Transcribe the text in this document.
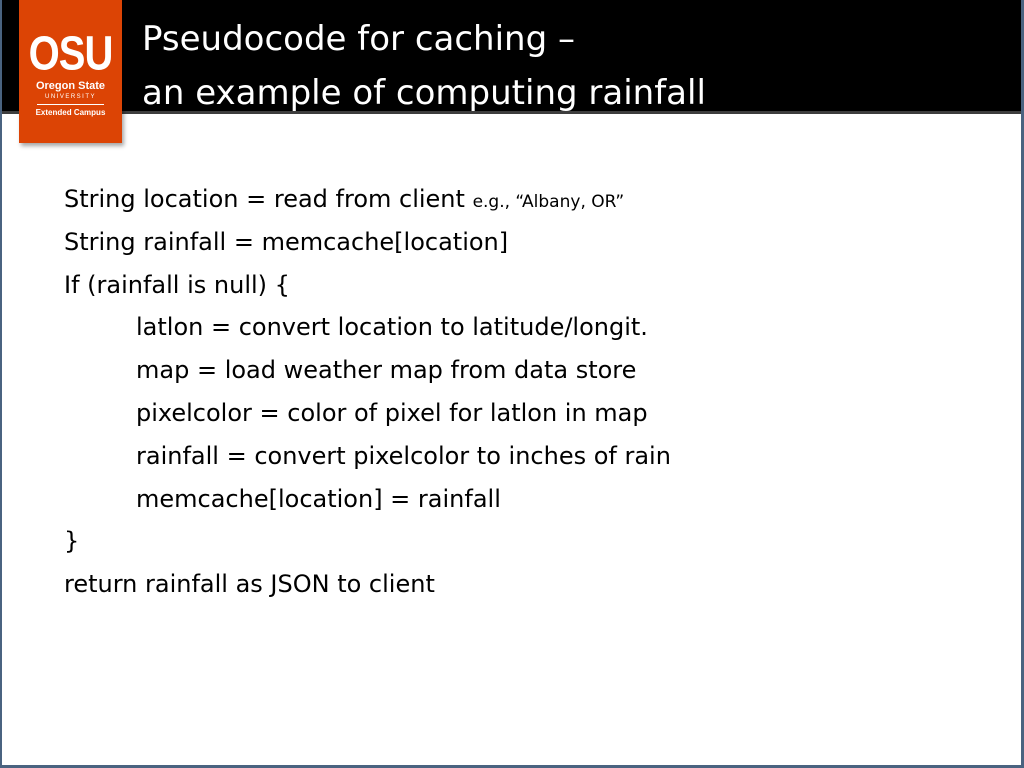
OSU
Oregon State
UNIVERSITY
Extended Campus
Pseudocode for caching –
an example of computing rainfall
String location = read from client e.g., “Albany, OR”
String rainfall = memcache[location]
If (rainfall is null) {
latlon = convert location to latitude/longit.
map = load weather map from data store
pixelcolor = color of pixel for latlon in map
rainfall = convert pixelcolor to inches of rain
memcache[location] = rainfall
}
return rainfall as JSON to client
